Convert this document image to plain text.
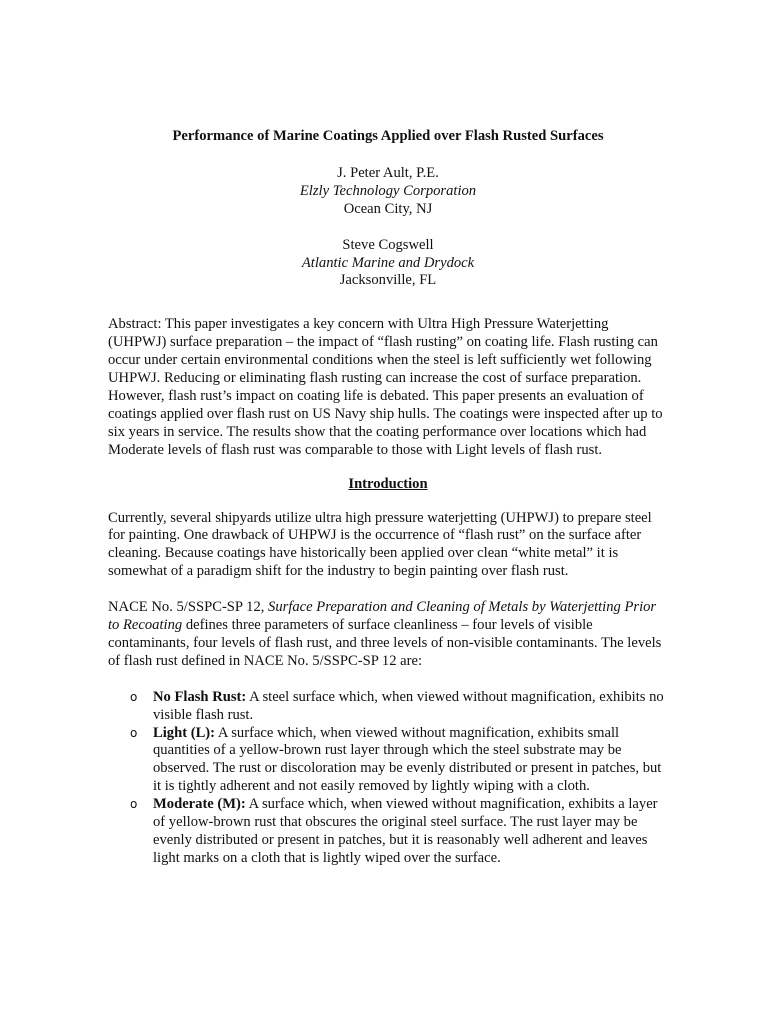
Performance of Marine Coatings Applied over Flash Rusted Surfaces
J. Peter Ault, P.E.
Elzly Technology Corporation
Ocean City, NJ
Steve Cogswell
Atlantic Marine and Drydock
Jacksonville, FL

Abstract: This paper investigates a key concern with Ultra High Pressure Waterjetting (UHPWJ) surface preparation – the impact of “flash rusting” on coating life. Flash rusting can occur under certain environmental conditions when the steel is left sufficiently wet following UHPWJ. Reducing or eliminating flash rusting can increase the cost of surface preparation. However, flash rust’s impact on coating life is debated. This paper presents an evaluation of coatings applied over flash rust on US Navy ship hulls. The coatings were inspected after up to six years in service. The results show that the coating performance over locations which had Moderate levels of flash rust was comparable to those with Light levels of flash rust.

Introduction

Currently, several shipyards utilize ultra high pressure waterjetting (UHPWJ) to prepare steel for painting. One drawback of UHPWJ is the occurrence of “flash rust” on the surface after cleaning. Because coatings have historically been applied over clean “white metal” it is somewhat of a paradigm shift for the industry to begin painting over flash rust.

NACE No. 5/SSPC-SP 12, Surface Preparation and Cleaning of Metals by Waterjetting Prior to Recoating defines three parameters of surface cleanliness – four levels of visible contaminants, four levels of flash rust, and three levels of non-visible contaminants. The levels of flash rust defined in NACE No. 5/SSPC-SP 12 are:

o No Flash Rust: A steel surface which, when viewed without magnification, exhibits no visible flash rust.
o Light (L): A surface which, when viewed without magnification, exhibits small quantities of a yellow-brown rust layer through which the steel substrate may be observed. The rust or discoloration may be evenly distributed or present in patches, but it is tightly adherent and not easily removed by lightly wiping with a cloth.
o Moderate (M): A surface which, when viewed without magnification, exhibits a layer of yellow-brown rust that obscures the original steel surface. The rust layer may be evenly distributed or present in patches, but it is reasonably well adherent and leaves light marks on a cloth that is lightly wiped over the surface.
